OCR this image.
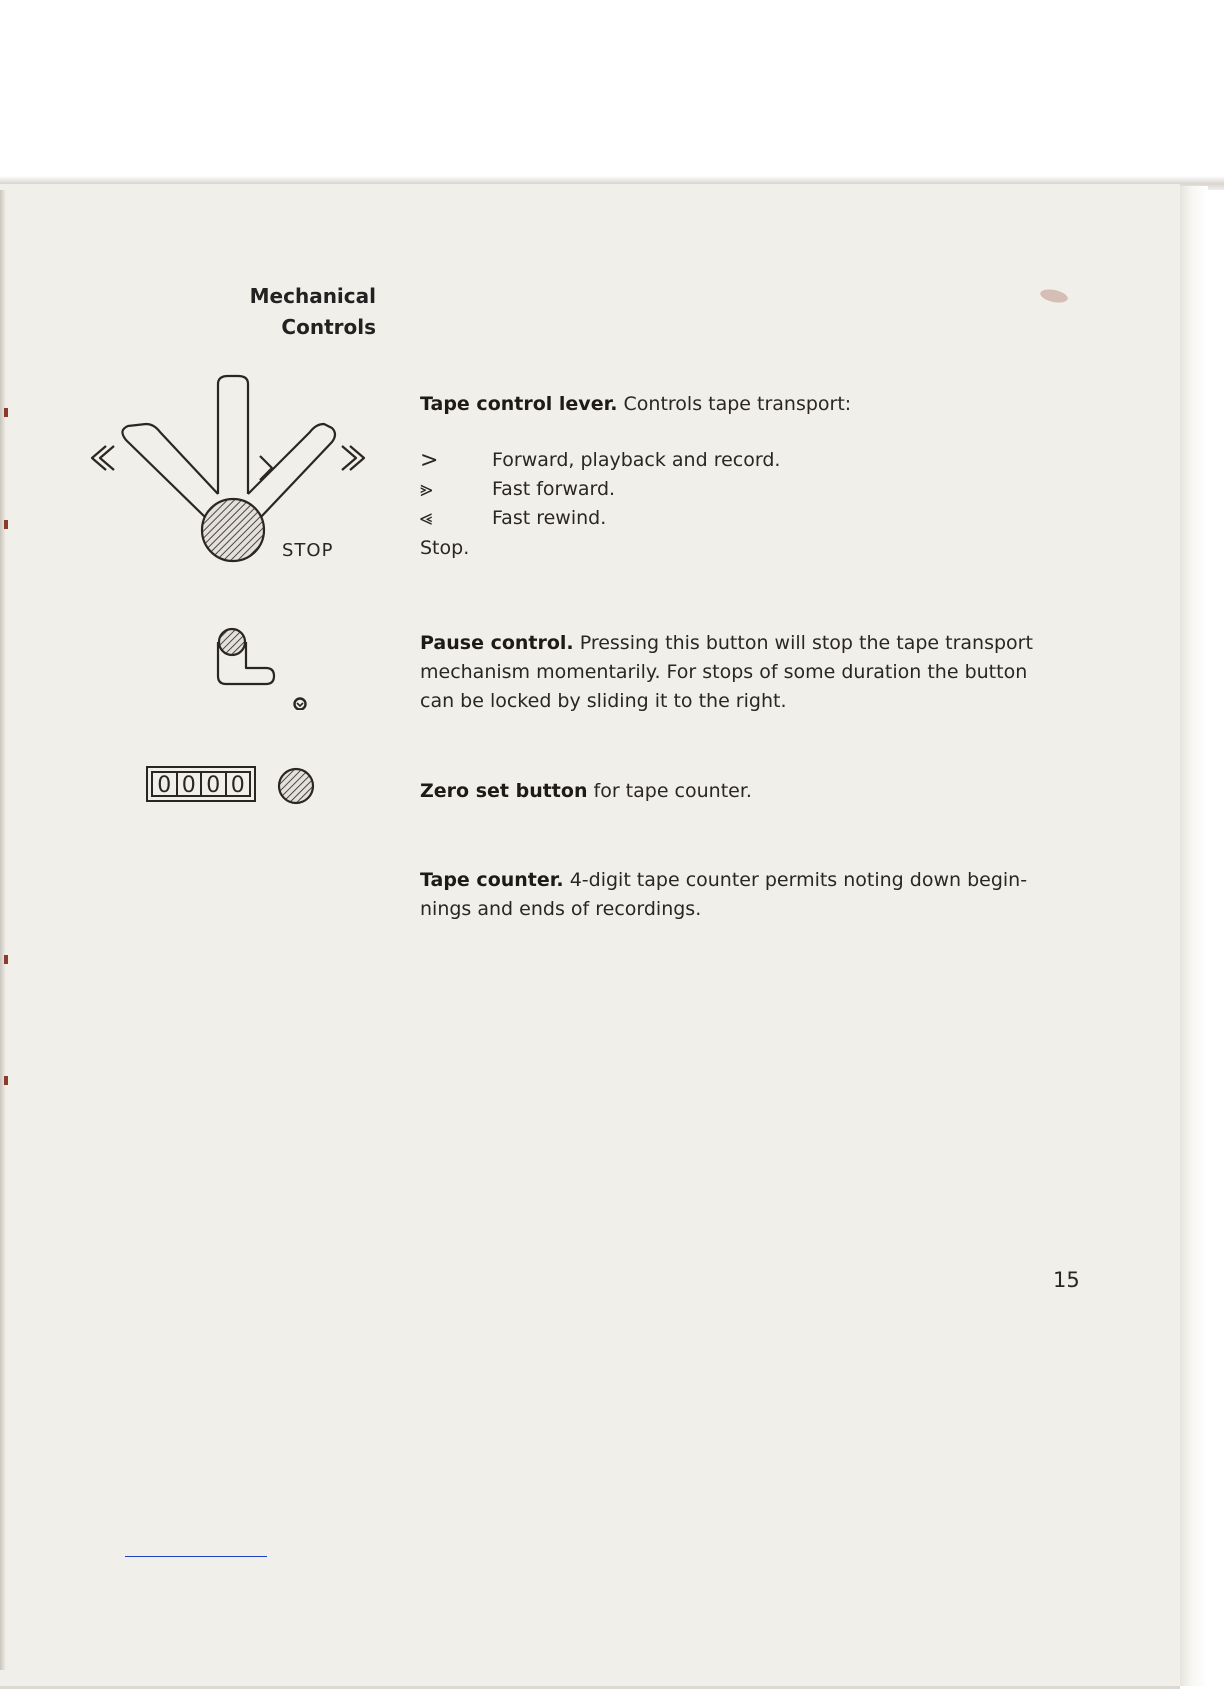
Mechanical
Controls
STOP
0 0 0 0
Tape control lever. Controls tape transport:
>	Forward, playback and record.
⪢	Fast forward.
⪡	Fast rewind.
Stop.
Pause control. Pressing this button will stop the tape transport
mechanism momentarily. For stops of some duration the button
can be locked by sliding it to the right.
Zero set button for tape counter.
Tape counter. 4-digit tape counter permits noting down begin-
nings and ends of recordings.
15
